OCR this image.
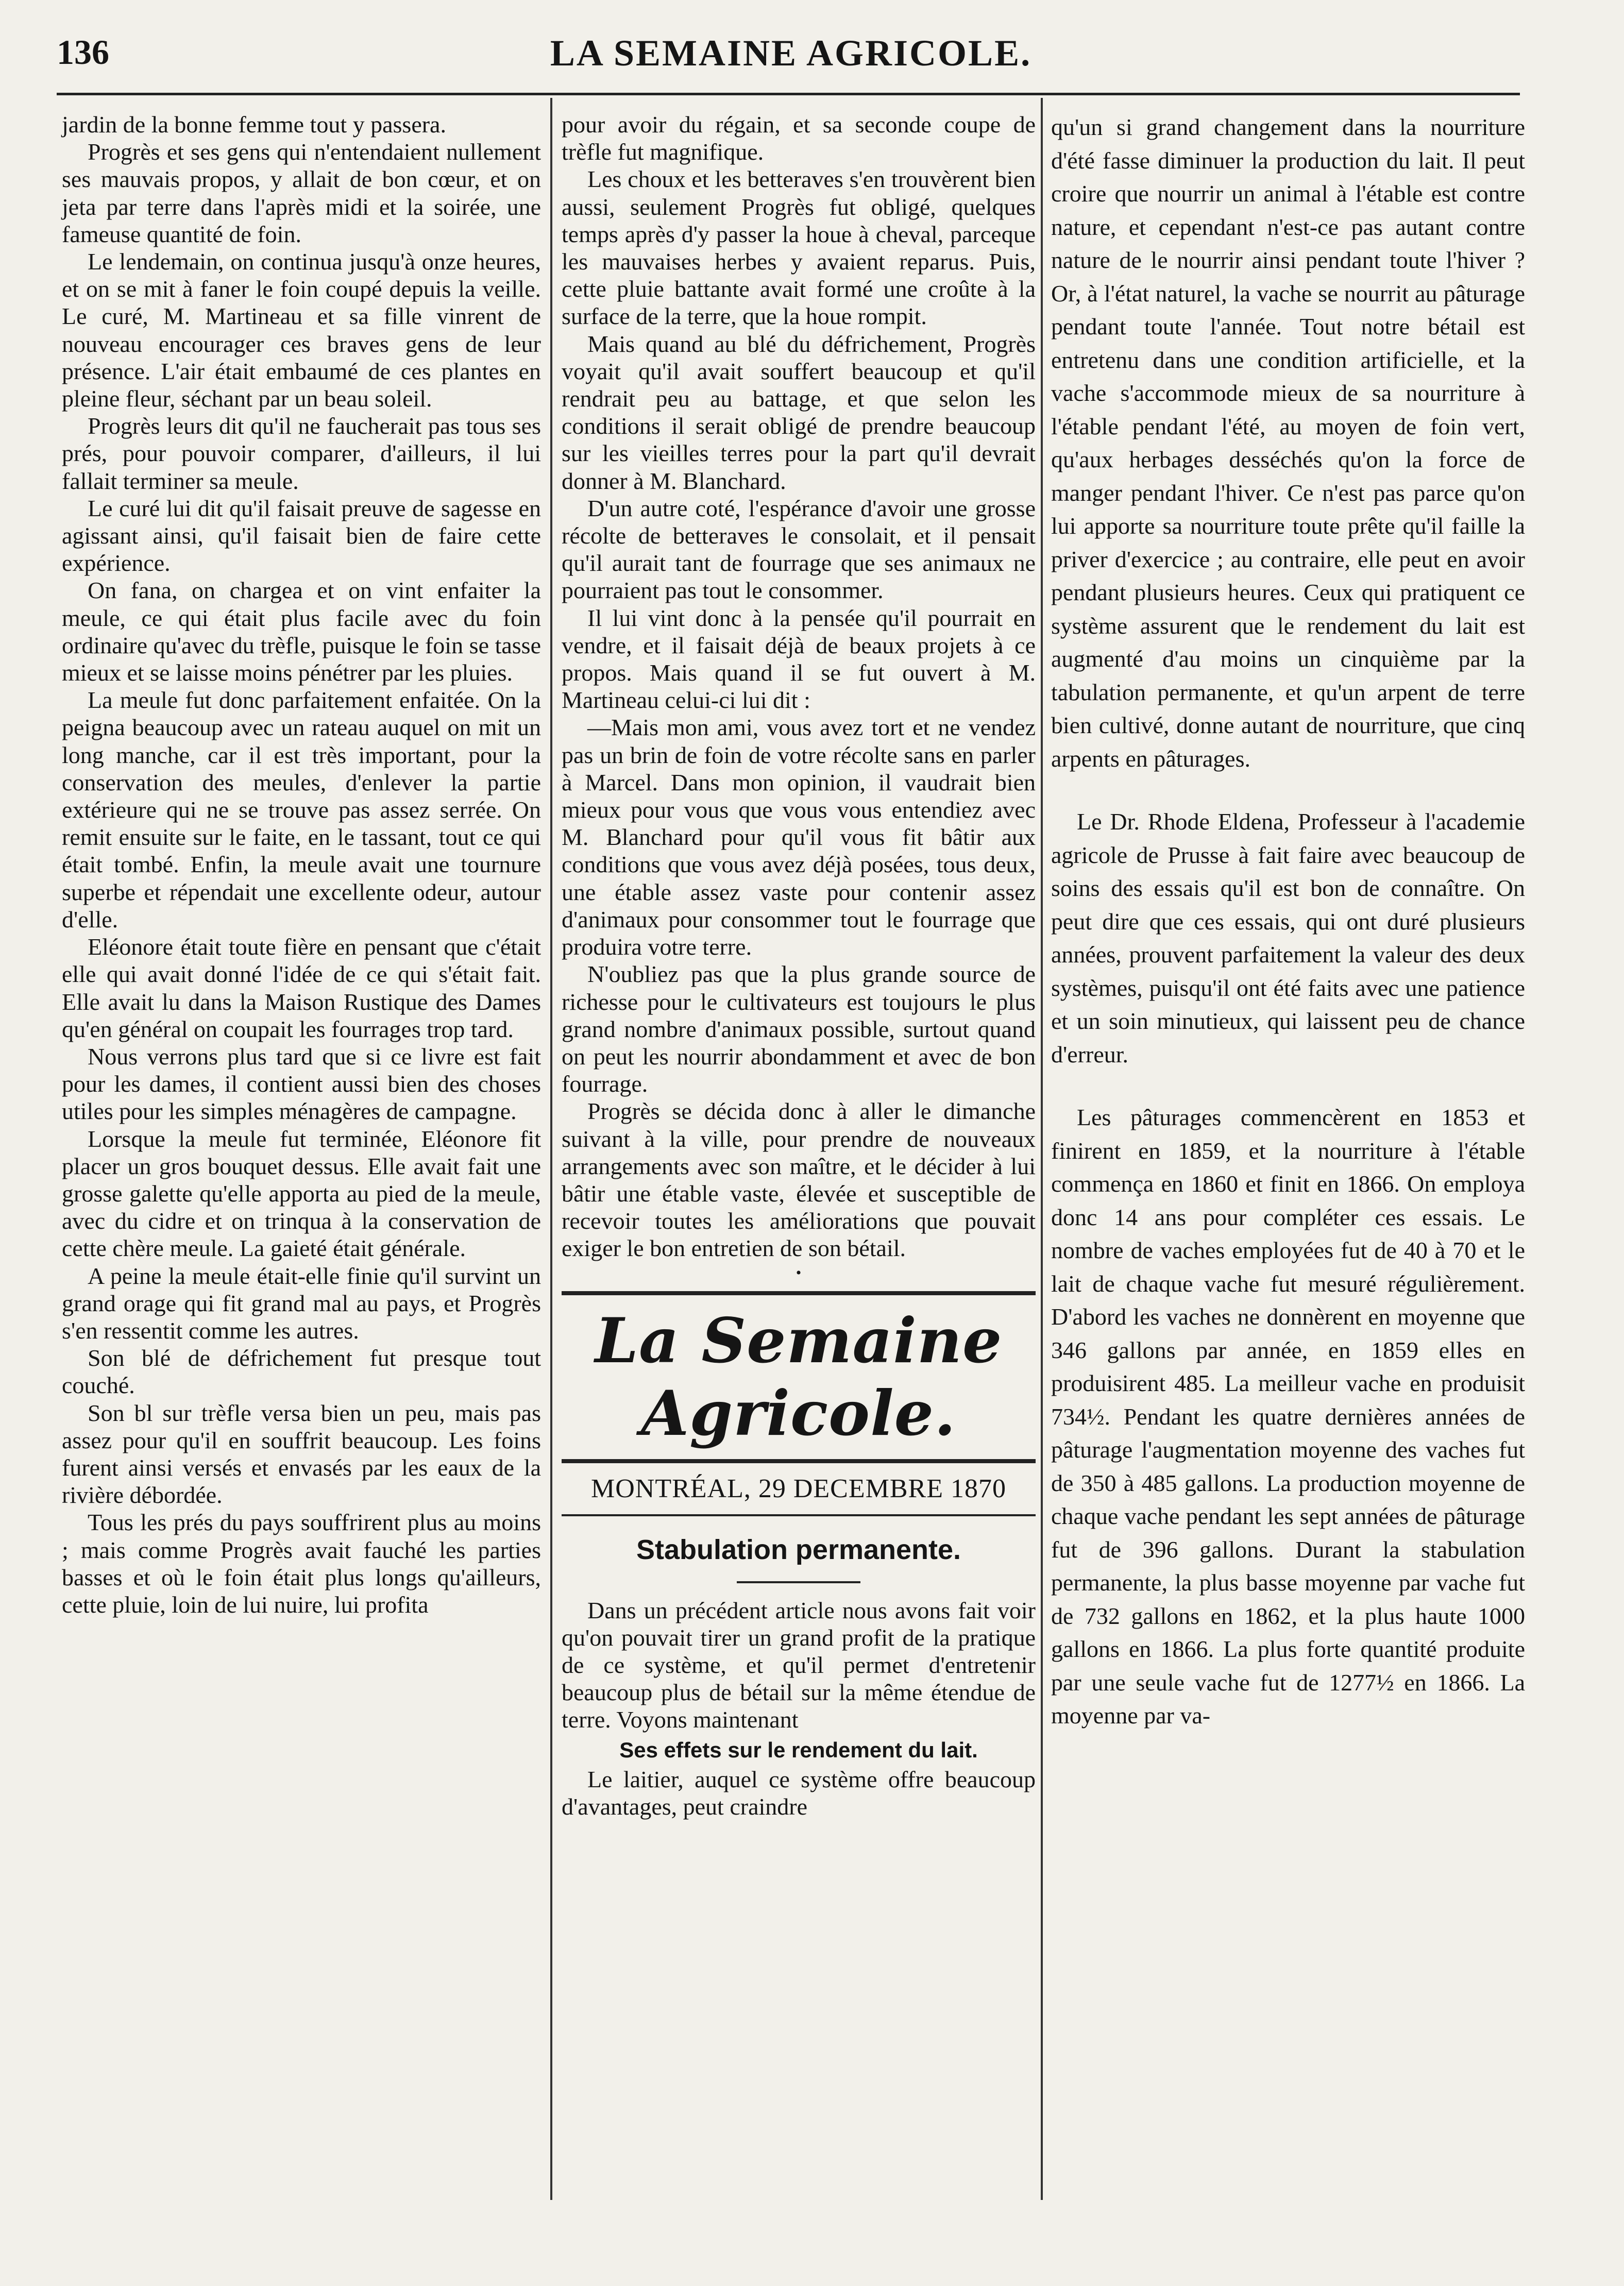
136	LA SEMAINE AGRICOLE.

jardin de la bonne femme tout y passera.

Progrès et ses gens qui n'entendaient nullement ses mauvais propos, y allait de bon cœur, et on jeta par terre dans l'après midi et la soirée, une fameuse quantité de foin.

Le lendemain, on continua jusqu'à onze heures, et on se mit à faner le foin coupé depuis la veille. Le curé, M. Martineau et sa fille vinrent de nouveau encourager ces braves gens de leur présence. L'air était embaumé de ces plantes en pleine fleur, séchant par un beau soleil.

Progrès leurs dit qu'il ne faucherait pas tous ses prés, pour pouvoir comparer, d'ailleurs, il lui fallait terminer sa meule.

Le curé lui dit qu'il faisait preuve de sagesse en agissant ainsi, qu'il faisait bien de faire cette expérience.

On fana, on chargea et on vint enfaiter la meule, ce qui était plus facile avec du foin ordinaire qu'avec du trèfle, puisque le foin se tasse mieux et se laisse moins pénétrer par les pluies.

La meule fut donc parfaitement enfaitée. On la peigna beaucoup avec un rateau auquel on mit un long manche, car il est très important, pour la conservation des meules, d'enlever la partie extérieure qui ne se trouve pas assez serrée. On remit ensuite sur le faite, en le tassant, tout ce qui était tombé. Enfin, la meule avait une tournure superbe et répendait une excellente odeur, autour d'elle.

Eléonore était toute fière en pensant que c'était elle qui avait donné l'idée de ce qui s'était fait. Elle avait lu dans la Maison Rustique des Dames qu'en général on coupait les fourrages trop tard.

Nous verrons plus tard que si ce livre est fait pour les dames, il contient aussi bien des choses utiles pour les simples ménagères de campagne.

Lorsque la meule fut terminée, Eléonore fit placer un gros bouquet dessus. Elle avait fait une grosse galette qu'elle apporta au pied de la meule, avec du cidre et on trinqua à la conservation de cette chère meule. La gaieté était générale.

A peine la meule était-elle finie qu'il survint un grand orage qui fit grand mal au pays, et Progrès s'en ressentit comme les autres.

Son blé de défrichement fut presque tout couché.

Son bl sur trèfle versa bien un peu, mais pas assez pour qu'il en souffrit beaucoup. Les foins furent ainsi versés et envasés par les eaux de la rivière débordée.

Tous les prés du pays souffrirent plus au moins ; mais comme Progrès avait fauché les parties basses et où le foin était plus longs qu'ailleurs, cette pluie, loin de lui nuire, lui profita

pour avoir du régain, et sa seconde coupe de trèfle fut magnifique.

Les choux et les betteraves s'en trouvèrent bien aussi, seulement Progrès fut obligé, quelques temps après d'y passer la houe à cheval, parceque les mauvaises herbes y avaient reparus. Puis, cette pluie battante avait formé une croûte à la surface de la terre, que la houe rompit.

Mais quand au blé du défrichement, Progrès voyait qu'il avait souffert beaucoup et qu'il rendrait peu au battage, et que selon les conditions il serait obligé de prendre beaucoup sur les vieilles terres pour la part qu'il devrait donner à M. Blanchard.

D'un autre coté, l'espérance d'avoir une grosse récolte de betteraves le consolait, et il pensait qu'il aurait tant de fourrage que ses animaux ne pourraient pas tout le consommer.

Il lui vint donc à la pensée qu'il pourrait en vendre, et il faisait déjà de beaux projets à ce propos. Mais quand il se fut ouvert à M. Martineau celui-ci lui dit :

—Mais mon ami, vous avez tort et ne vendez pas un brin de foin de votre récolte sans en parler à Marcel. Dans mon opinion, il vaudrait bien mieux pour vous que vous vous entendiez avec M. Blanchard pour qu'il vous fit bâtir aux conditions que vous avez déjà posées, tous deux, une étable assez vaste pour contenir assez d'animaux pour consommer tout le fourrage que produira votre terre.

N'oubliez pas que la plus grande source de richesse pour le cultivateurs est toujours le plus grand nombre d'animaux possible, surtout quand on peut les nourrir abondamment et avec de bon fourrage.

Progrès se décida donc à aller le dimanche suivant à la ville, pour prendre de nouveaux arrangements avec son maître, et le décider à lui bâtir une étable vaste, élevée et susceptible de recevoir toutes les améliorations que pouvait exiger le bon entretien de son bétail.

•
La Semaine Agricole.
MONTRÉAL, 29 DECEMBRE 1870
Stabulation permanente.

Dans un précédent article nous avons fait voir qu'on pouvait tirer un grand profit de la pratique de ce système, et qu'il permet d'entretenir beaucoup plus de bétail sur la même étendue de terre. Voyons maintenant

Ses effets sur le rendement du lait.

Le laitier, auquel ce système offre beaucoup d'avantages, peut craindre

qu'un si grand changement dans la nourriture d'été fasse diminuer la production du lait. Il peut croire que nourrir un animal à l'étable est contre nature, et cependant n'est-ce pas autant contre nature de le nourrir ainsi pendant toute l'hiver ? Or, à l'état naturel, la vache se nourrit au pâturage pendant toute l'année. Tout notre bétail est entretenu dans une condition artificielle, et la vache s'accommode mieux de sa nourriture à l'étable pendant l'été, au moyen de foin vert, qu'aux herbages desséchés qu'on la force de manger pendant l'hiver. Ce n'est pas parce qu'on lui apporte sa nourriture toute prête qu'il faille la priver d'exercice ; au contraire, elle peut en avoir pendant plusieurs heures. Ceux qui pratiquent ce système assurent que le rendement du lait est augmenté d'au moins un cinquième par la tabulation permanente, et qu'un arpent de terre bien cultivé, donne autant de nourriture, que cinq arpents en pâturages.

Le Dr. Rhode Eldena, Professeur à l'academie agricole de Prusse à fait faire avec beaucoup de soins des essais qu'il est bon de connaître. On peut dire que ces essais, qui ont duré plusieurs années, prouvent parfaitement la valeur des deux systèmes, puisqu'il ont été faits avec une patience et un soin minutieux, qui laissent peu de chance d'erreur.

Les pâturages commencèrent en 1853 et finirent en 1859, et la nourriture à l'étable commença en 1860 et finit en 1866. On employa donc 14 ans pour compléter ces essais. Le nombre de vaches employées fut de 40 à 70 et le lait de chaque vache fut mesuré régulièrement. D'abord les vaches ne donnèrent en moyenne que 346 gallons par année, en 1859 elles en produisirent 485. La meilleur vache en produisit 734½. Pendant les quatre dernières années de pâturage l'augmentation moyenne des vaches fut de 350 à 485 gallons. La production moyenne de chaque vache pendant les sept années de pâturage fut de 396 gallons. Durant la stabulation permanente, la plus basse moyenne par vache fut de 732 gallons en 1862, et la plus haute 1000 gallons en 1866. La plus forte quantité produite par une seule vache fut de 1277½ en 1866. La moyenne par va-
